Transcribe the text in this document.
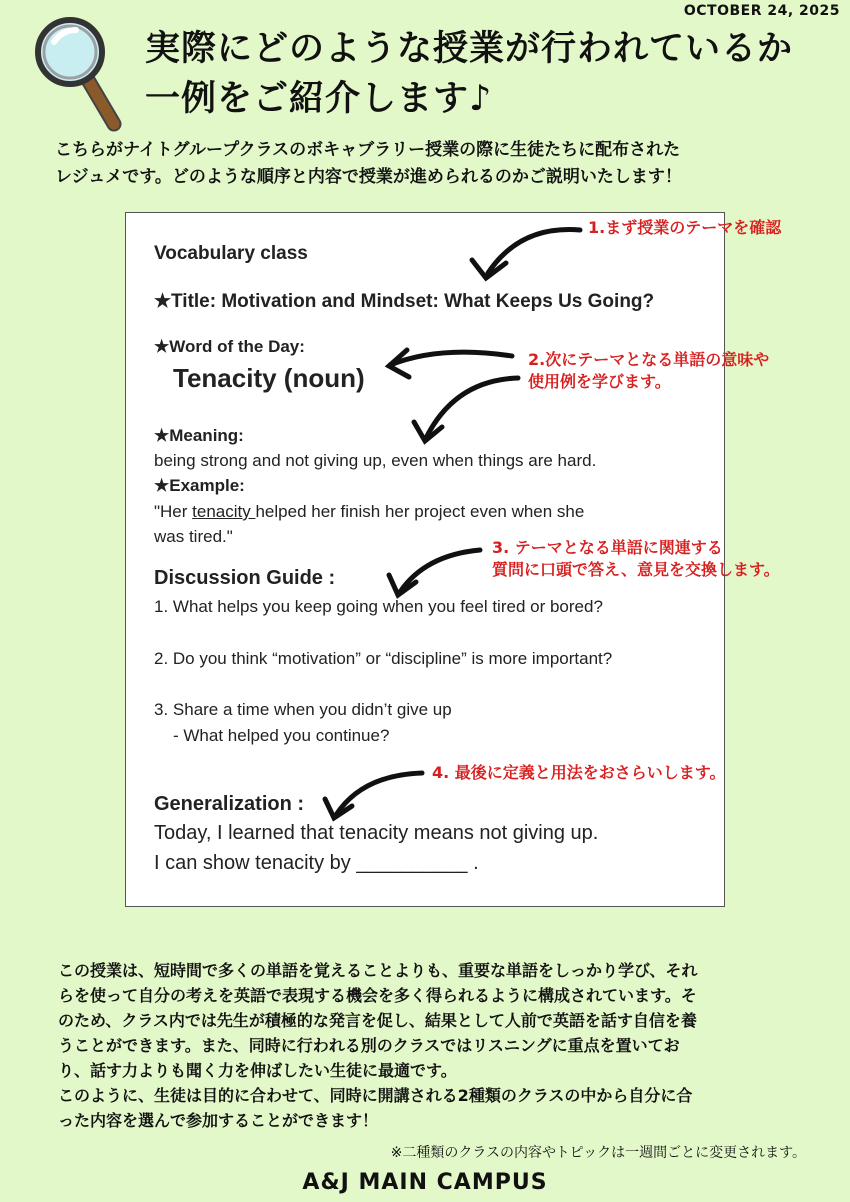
OCTOBER 24, 2025
実際にどのような授業が行われているか
一例をご紹介します♪
こちらがナイトグループクラスのボキャブラリー授業の際に生徒たちに配布された
レジュメです。どのような順序と内容で授業が進められるのかご説明いたします！
Vocabulary class
★Title: Motivation and Mindset: What Keeps Us Going?
★Word of the Day:
Tenacity (noun)
★Meaning:
being strong and not giving up, even when things are hard.
★Example:
"Her tenacity helped her finish her project even when she
was tired."
Discussion Guide :
1. What helps you keep going when you feel tired or bored?
2. Do you think “motivation” or “discipline” is more important?
3. Share a time when you didn’t give up
- What helped you continue?
Generalization :
Today, I learned that tenacity means not giving up.
I can show tenacity by __________ .
1.まず授業のテーマを確認
2.次にテーマとなる単語の意味や
使用例を学びます。
3. テーマとなる単語に関連する
質問に口頭で答え、意見を交換します。
4. 最後に定義と用法をおさらいします。
この授業は、短時間で多くの単語を覚えることよりも、重要な単語をしっかり学び、それ
らを使って自分の考えを英語で表現する機会を多く得られるように構成されています。そ
のため、クラス内では先生が積極的な発言を促し、結果として人前で英語を話す自信を養
うことができます。また、同時に行われる別のクラスではリスニングに重点を置いてお
り、話す力よりも聞く力を伸ばしたい生徒に最適です。
このように、生徒は目的に合わせて、同時に開講される2種類のクラスの中から自分に合
った内容を選んで参加することができます！
※二種類のクラスの内容やトピックは一週間ごとに変更されます。
A&J MAIN CAMPUS
